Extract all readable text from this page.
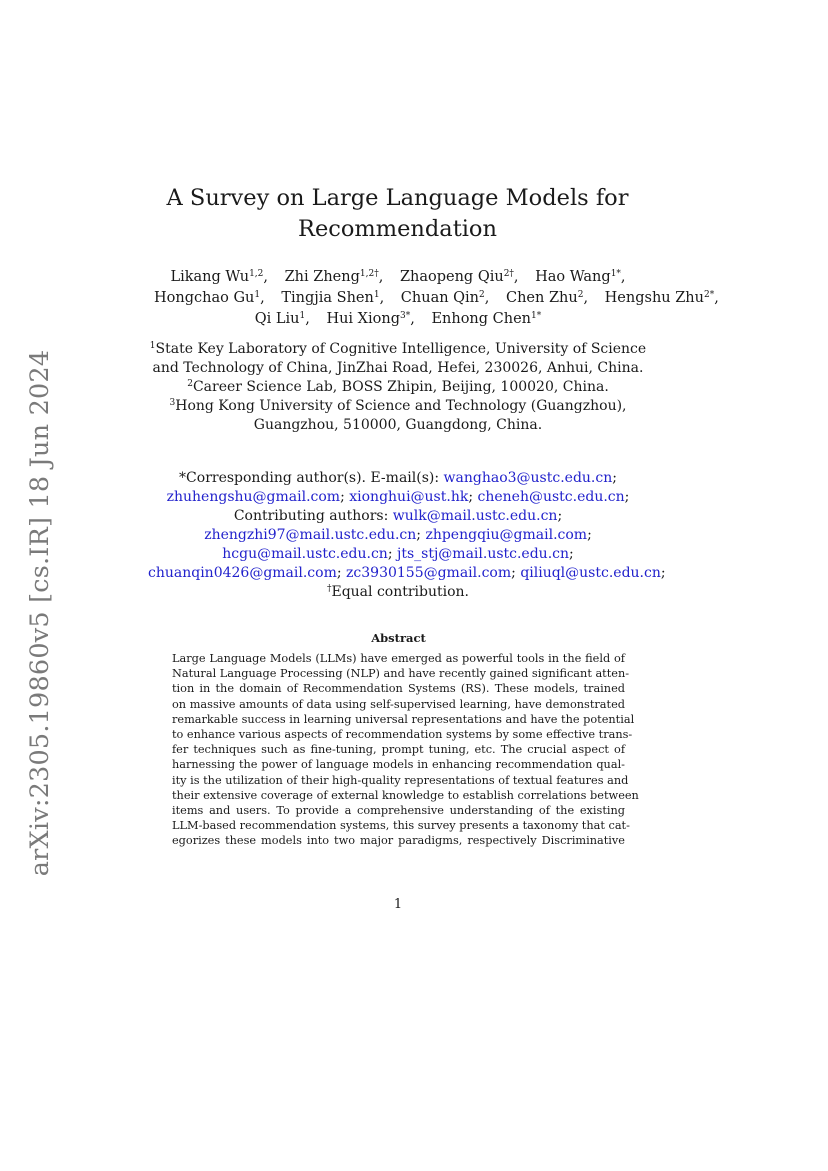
arXiv:2305.19860v5 [cs.IR] 18 Jun 2024
A Survey on Large Language Models for
Recommendation
Likang Wu$^{1,2}$, Zhi Zheng$^{1,2\dagger}$, Zhaopeng Qiu$^{2\dagger}$, Hao Wang$^{1*}$,
Hongchao Gu$^1$, Tingjia Shen$^1$, Chuan Qin$^2$, Chen Zhu$^2$, Hengshu Zhu$^{2*}$,
Qi Liu$^1$, Hui Xiong$^{3*}$, Enhong Chen$^{1*}$
$^1$State Key Laboratory of Cognitive Intelligence, University of Science
and Technology of China, JinZhai Road, Hefei, 230026, Anhui, China.
$^2$Career Science Lab, BOSS Zhipin, Beijing, 100020, China.
$^3$Hong Kong University of Science and Technology (Guangzhou),
Guangzhou, 510000, Guangdong, China.
*Corresponding author(s). E-mail(s): wanghao3@ustc.edu.cn;
zhuhengshu@gmail.com; xionghui@ust.hk; cheneh@ustc.edu.cn;
Contributing authors: wulk@mail.ustc.edu.cn;
zhengzhi97@mail.ustc.edu.cn; zhpengqiu@gmail.com;
hcgu@mail.ustc.edu.cn; jts_stj@mail.ustc.edu.cn;
chuanqin0426@gmail.com; zc3930155@gmail.com; qiliuql@ustc.edu.cn;
†Equal contribution.
Abstract
Large Language Models (LLMs) have emerged as powerful tools in the field of
Natural Language Processing (NLP) and have recently gained significant atten-
tion in the domain of Recommendation Systems (RS). These models, trained
on massive amounts of data using self-supervised learning, have demonstrated
remarkable success in learning universal representations and have the potential
to enhance various aspects of recommendation systems by some effective trans-
fer techniques such as fine-tuning, prompt tuning, etc. The crucial aspect of
harnessing the power of language models in enhancing recommendation qual-
ity is the utilization of their high-quality representations of textual features and
their extensive coverage of external knowledge to establish correlations between
items and users. To provide a comprehensive understanding of the existing
LLM-based recommendation systems, this survey presents a taxonomy that cat-
egorizes these models into two major paradigms, respectively Discriminative
1
